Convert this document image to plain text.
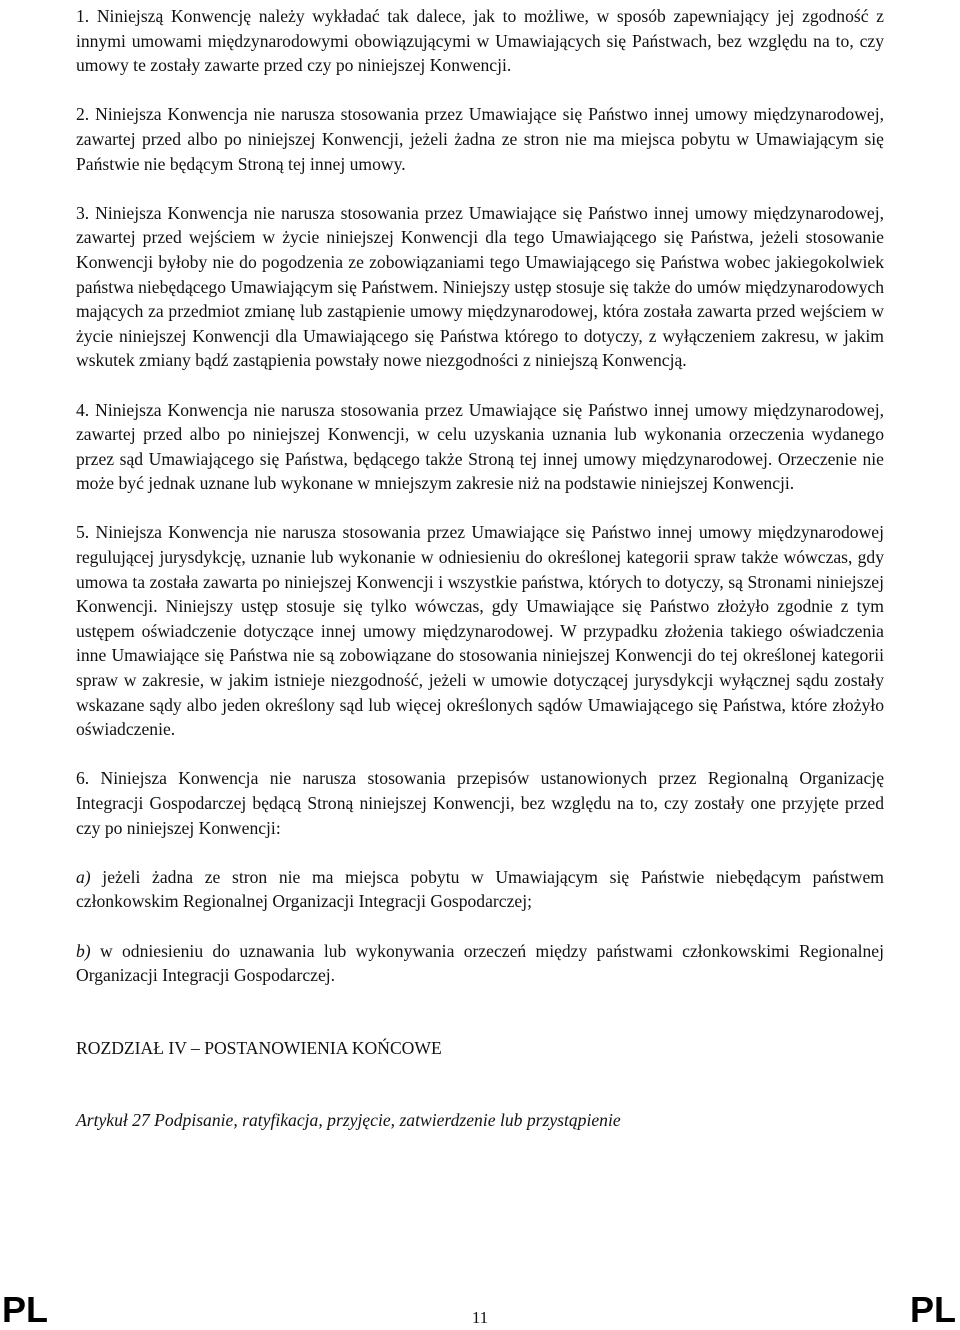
1. Niniejszą Konwencję należy wykładać tak dalece, jak to możliwe, w sposób zapewniający jej zgodność z innymi umowami międzynarodowymi obowiązującymi w Umawiających się Państwach, bez względu na to, czy umowy te zostały zawarte przed czy po niniejszej Konwencji.

2. Niniejsza Konwencja nie narusza stosowania przez Umawiające się Państwo innej umowy międzynarodowej, zawartej przed albo po niniejszej Konwencji, jeżeli żadna ze stron nie ma miejsca pobytu w Umawiającym się Państwie nie będącym Stroną tej innej umowy.

3. Niniejsza Konwencja nie narusza stosowania przez Umawiające się Państwo innej umowy międzynarodowej, zawartej przed wejściem w życie niniejszej Konwencji dla tego Umawiającego się Państwa, jeżeli stosowanie Konwencji byłoby nie do pogodzenia ze zobowiązaniami tego Umawiającego się Państwa wobec jakiegokolwiek państwa niebędącego Umawiającym się Państwem. Niniejszy ustęp stosuje się także do umów międzynarodowych mających za przedmiot zmianę lub zastąpienie umowy międzynarodowej, która została zawarta przed wejściem w życie niniejszej Konwencji dla Umawiającego się Państwa którego to dotyczy, z wyłączeniem zakresu, w jakim wskutek zmiany bądź zastąpienia powstały nowe niezgodności z niniejszą Konwencją.

4. Niniejsza Konwencja nie narusza stosowania przez Umawiające się Państwo innej umowy międzynarodowej, zawartej przed albo po niniejszej Konwencji, w celu uzyskania uznania lub wykonania orzeczenia wydanego przez sąd Umawiającego się Państwa, będącego także Stroną tej innej umowy międzynarodowej. Orzeczenie nie może być jednak uznane lub wykonane w mniejszym zakresie niż na podstawie niniejszej Konwencji.

5. Niniejsza Konwencja nie narusza stosowania przez Umawiające się Państwo innej umowy międzynarodowej regulującej jurysdykcję, uznanie lub wykonanie w odniesieniu do określonej kategorii spraw także wówczas, gdy umowa ta została zawarta po niniejszej Konwencji i wszystkie państwa, których to dotyczy, są Stronami niniejszej Konwencji. Niniejszy ustęp stosuje się tylko wówczas, gdy Umawiające się Państwo złożyło zgodnie z tym ustępem oświadczenie dotyczące innej umowy międzynarodowej. W przypadku złożenia takiego oświadczenia inne Umawiające się Państwa nie są zobowiązane do stosowania niniejszej Konwencji do tej określonej kategorii spraw w zakresie, w jakim istnieje niezgodność, jeżeli w umowie dotyczącej jurysdykcji wyłącznej sądu zostały wskazane sądy albo jeden określony sąd lub więcej określonych sądów Umawiającego się Państwa, które złożyło oświadczenie.

6. Niniejsza Konwencja nie narusza stosowania przepisów ustanowionych przez Regionalną Organizację Integracji Gospodarczej będącą Stroną niniejszej Konwencji, bez względu na to, czy zostały one przyjęte przed czy po niniejszej Konwencji:

a) jeżeli żadna ze stron nie ma miejsca pobytu w Umawiającym się Państwie niebędącym państwem członkowskim Regionalnej Organizacji Integracji Gospodarczej;

b) w odniesieniu do uznawania lub wykonywania orzeczeń między państwami członkowskimi Regionalnej Organizacji Integracji Gospodarczej.

ROZDZIAŁ IV – POSTANOWIENIA KOŃCOWE

Artykuł 27 Podpisanie, ratyfikacja, przyjęcie, zatwierdzenie lub przystąpienie

PL	11	PL
